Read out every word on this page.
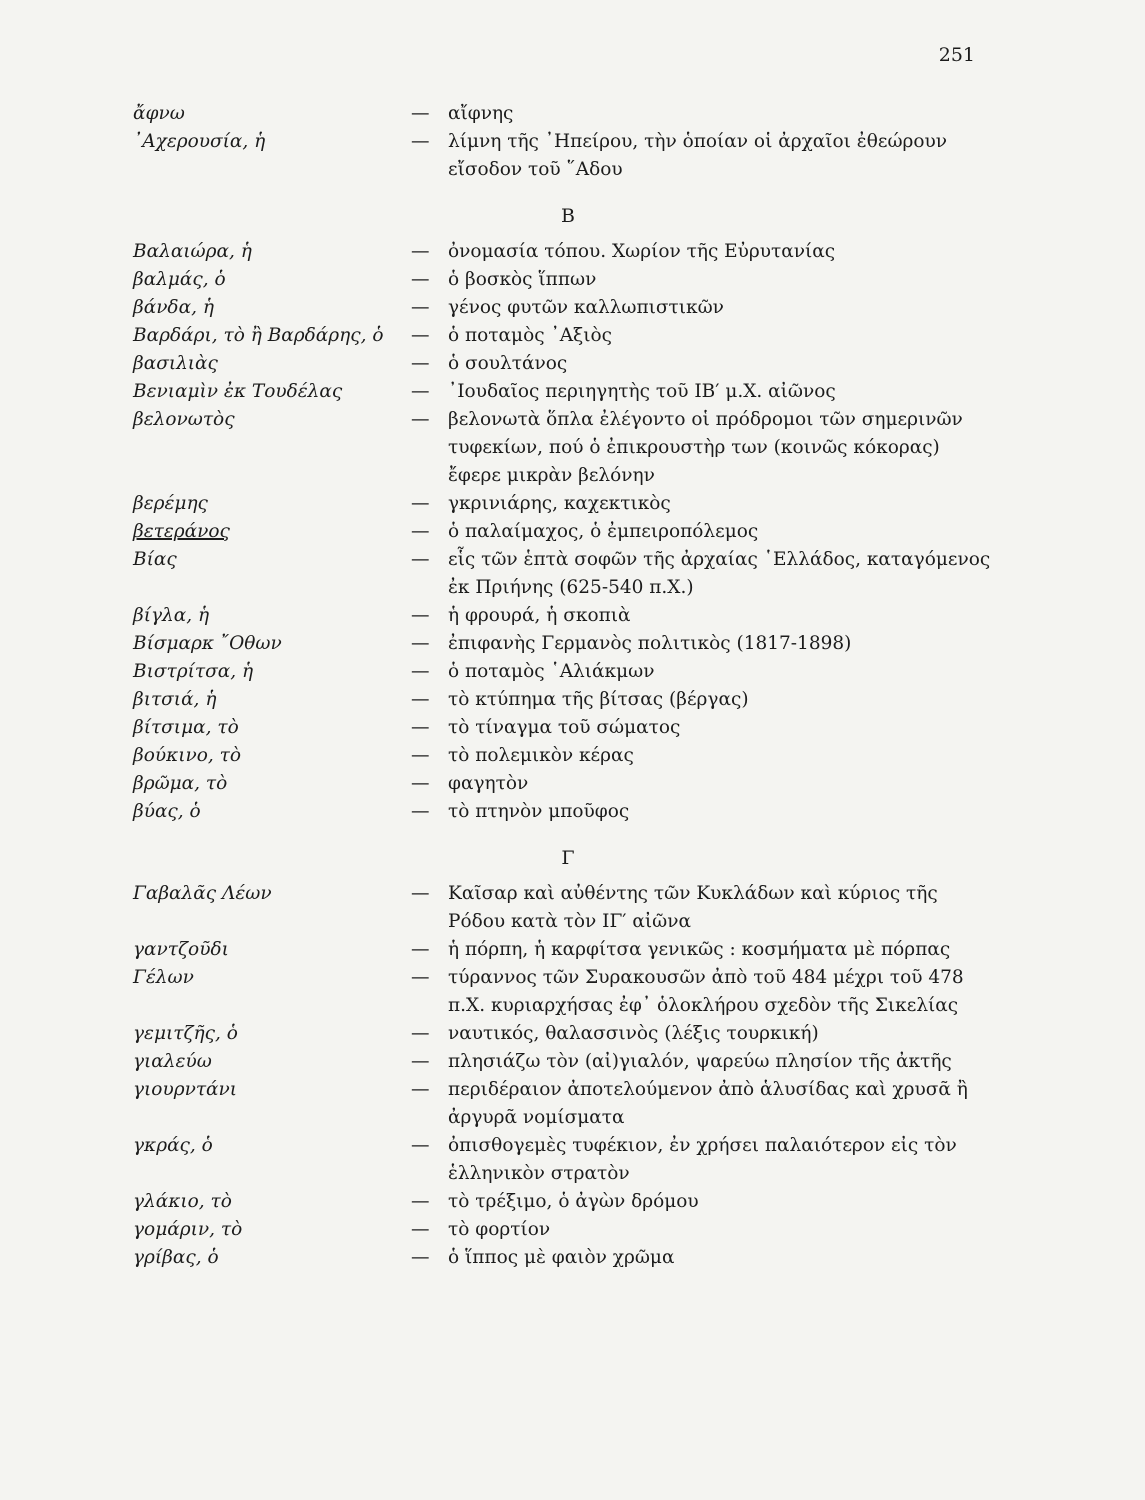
251
ἄφνω	—	αἴφνης
᾿Αχερουσία, ἡ	—	λίμνη τῆς ᾿Ηπείρου, τὴν ὁποίαν οἱ ἀρχαῖοι ἐθεώρουν εἴσοδον τοῦ ῞Αδου
Β
Βαλαιώρα, ἡ	—	ὀνομασία τόπου. Χωρίον τῆς Εὐρυτανίας
βαλμάς, ὁ	—	ὁ βοσκὸς ἵππων
βάνδα, ἡ	—	γένος φυτῶν καλλωπιστικῶν
Βαρδάρι, τὸ ἢ Βαρδάρης, ὁ	—	ὁ ποταμὸς ᾿Αξιὸς
βασιλιὰς	—	ὁ σουλτάνος
Βενιαμὶν ἐκ Τουδέλας	—	᾿Ιουδαῖος περιηγητὴς τοῦ ΙΒ′ μ.Χ. αἰῶνος
βελονωτὸς	—	βελονωτὰ ὅπλα ἐλέγοντο οἱ πρόδρομοι τῶν σημερινῶν τυφεκίων, πού ὁ ἐπικρουστὴρ των (κοινῶς κόκορας) ἔφερε μικρὰν βελόνην
βερέμης	—	γκρινιάρης, καχεκτικὸς
βετεράνος	—	ὁ παλαίμαχος, ὁ ἐμπειροπόλεμος
Βίας	—	εἷς τῶν ἑπτὰ σοφῶν τῆς ἀρχαίας ῾Ελλάδος, καταγόμενος ἐκ Πριήνης (625-540 π.Χ.)
βίγλα, ἡ	—	ἡ φρουρά, ἡ σκοπιὰ
Βίσμαρκ ῎Οθων	—	ἐπιφανὴς Γερμανὸς πολιτικὸς (1817-1898)
Βιστρίτσα, ἡ	—	ὁ ποταμὸς ῾Αλιάκμων
βιτσιά, ἡ	—	τὸ κτύπημα τῆς βίτσας (βέργας)
βίτσιμα, τὸ	—	τὸ τίναγμα τοῦ σώματος
βούκινο, τὸ	—	τὸ πολεμικὸν κέρας
βρῶμα, τὸ	—	φαγητὸν
βύας, ὁ	—	τὸ πτηνὸν μποῦφος
Γ
Γαβαλᾶς Λέων	—	Καῖσαρ καὶ αὐθέντης τῶν Κυκλάδων καὶ κύριος τῆς Ρόδου κατὰ τὸν ΙΓ′ αἰῶνα
γαντζοῦδι	—	ἡ πόρπη, ἡ καρφίτσα γενικῶς : κοσμήματα μὲ πόρπας
Γέλων	—	τύραννος τῶν Συρακουσῶν ἀπὸ τοῦ 484 μέχρι τοῦ 478 π.Χ. κυριαρχήσας ἐφ᾿ ὁλοκλήρου σχεδὸν τῆς Σικελίας
γεμιτζῆς, ὁ	—	ναυτικός, θαλασσινὸς (λέξις τουρκική)
γιαλεύω	—	πλησιάζω τὸν (αἰ)γιαλόν, ψαρεύω πλησίον τῆς ἀκτῆς
γιουρντάνι	—	περιδέραιον ἀποτελούμενον ἀπὸ ἁλυσίδας καὶ χρυσᾶ ἢ ἀργυρᾶ νομίσματα
γκράς, ὁ	—	ὀπισθογεμὲς τυφέκιον, ἐν χρήσει παλαιότερον εἰς τὸν ἑλληνικὸν στρατὸν
γλάκιο, τὸ	—	τὸ τρέξιμο, ὁ ἀγὼν δρόμου
γομάριν, τὸ	—	τὸ φορτίον
γρίβας, ὁ	—	ὁ ἵππος μὲ φαιὸν χρῶμα
